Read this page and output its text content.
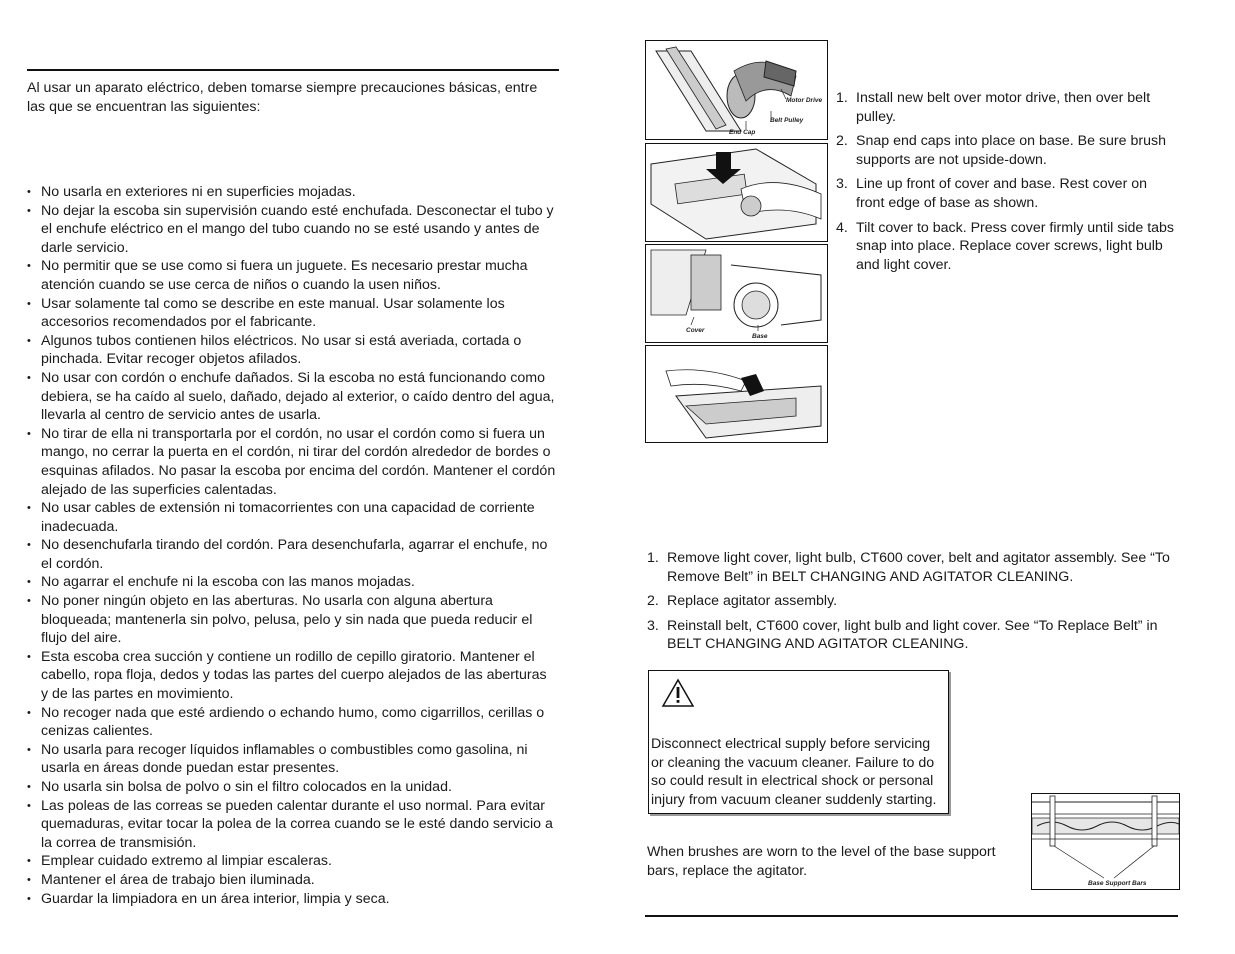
Al usar un aparato eléctrico, deben tomarse siempre precauciones básicas, entre las que se encuentran las siguientes:
• No usarla en exteriores ni en superficies mojadas.
• No dejar la escoba sin supervisión cuando esté enchufada. Desconectar el tubo y el enchufe eléctrico en el mango del tubo cuando no se esté usando y antes de darle servicio.
• No permitir que se use como si fuera un juguete. Es necesario prestar mucha atención cuando se use cerca de niños o cuando la usen niños.
• Usar solamente tal como se describe en este manual. Usar solamente los accesorios recomendados por el fabricante.
• Algunos tubos contienen hilos eléctricos. No usar si está averiada, cortada o pinchada. Evitar recoger objetos afilados.
• No usar con cordón o enchufe dañados. Si la escoba no está funcionando como debiera, se ha caído al suelo, dañado, dejado al exterior, o caído dentro del agua, llevarla al centro de servicio antes de usarla.
• No tirar de ella ni transportarla por el cordón, no usar el cordón como si fuera un mango, no cerrar la puerta en el cordón, ni tirar del cordón alrededor de bordes o esquinas afilados. No pasar la escoba por encima del cordón. Mantener el cordón alejado de las superficies calentadas.
• No usar cables de extensión ni tomacorrientes con una capacidad de corriente inadecuada.
• No desenchufarla tirando del cordón. Para desenchufarla, agarrar el enchufe, no el cordón.
• No agarrar el enchufe ni la escoba con las manos mojadas.
• No poner ningún objeto en las aberturas. No usarla con alguna abertura bloqueada; mantenerla sin polvo, pelusa, pelo y sin nada que pueda reducir el flujo del aire.
• Esta escoba crea succión y contiene un rodillo de cepillo giratorio. Mantener el cabello, ropa floja, dedos y todas las partes del cuerpo alejados de las aberturas y de las partes en movimiento.
• No recoger nada que esté ardiendo o echando humo, como cigarrillos, cerillas o cenizas calientes.
• No usarla para recoger líquidos inflamables o combustibles como gasolina, ni usarla en áreas donde puedan estar presentes.
• No usarla sin bolsa de polvo o sin el filtro colocados en la unidad.
• Las poleas de las correas se pueden calentar durante el uso normal. Para evitar quemaduras, evitar tocar la polea de la correa cuando se le esté dando servicio a la correa de transmisión.
• Emplear cuidado extremo al limpiar escaleras.
• Mantener el área de trabajo bien iluminada.
• Guardar la limpiadora en un área interior, limpia y seca.
Motor Drive
Belt Pulley
End Cap
Cover
Base
1. Install new belt over motor drive, then over belt pulley.
2. Snap end caps into place on base. Be sure brush supports are not upside-down.
3. Line up front of cover and base. Rest cover on front edge of base as shown.
4. Tilt cover to back. Press cover firmly until side tabs snap into place. Replace cover screws, light bulb and light cover.
1. Remove light cover, light bulb, CT600 cover, belt and agitator assembly. See “To Remove Belt” in BELT CHANGING AND AGITATOR CLEANING.
2. Replace agitator assembly.
3. Reinstall belt, CT600 cover, light bulb and light cover. See “To Replace Belt” in BELT CHANGING AND AGITATOR CLEANING.
Disconnect electrical supply before servicing or cleaning the vacuum cleaner. Failure to do so could result in electrical shock or personal injury from vacuum cleaner suddenly starting.
When brushes are worn to the level of the base support bars, replace the agitator.
Base Support Bars
